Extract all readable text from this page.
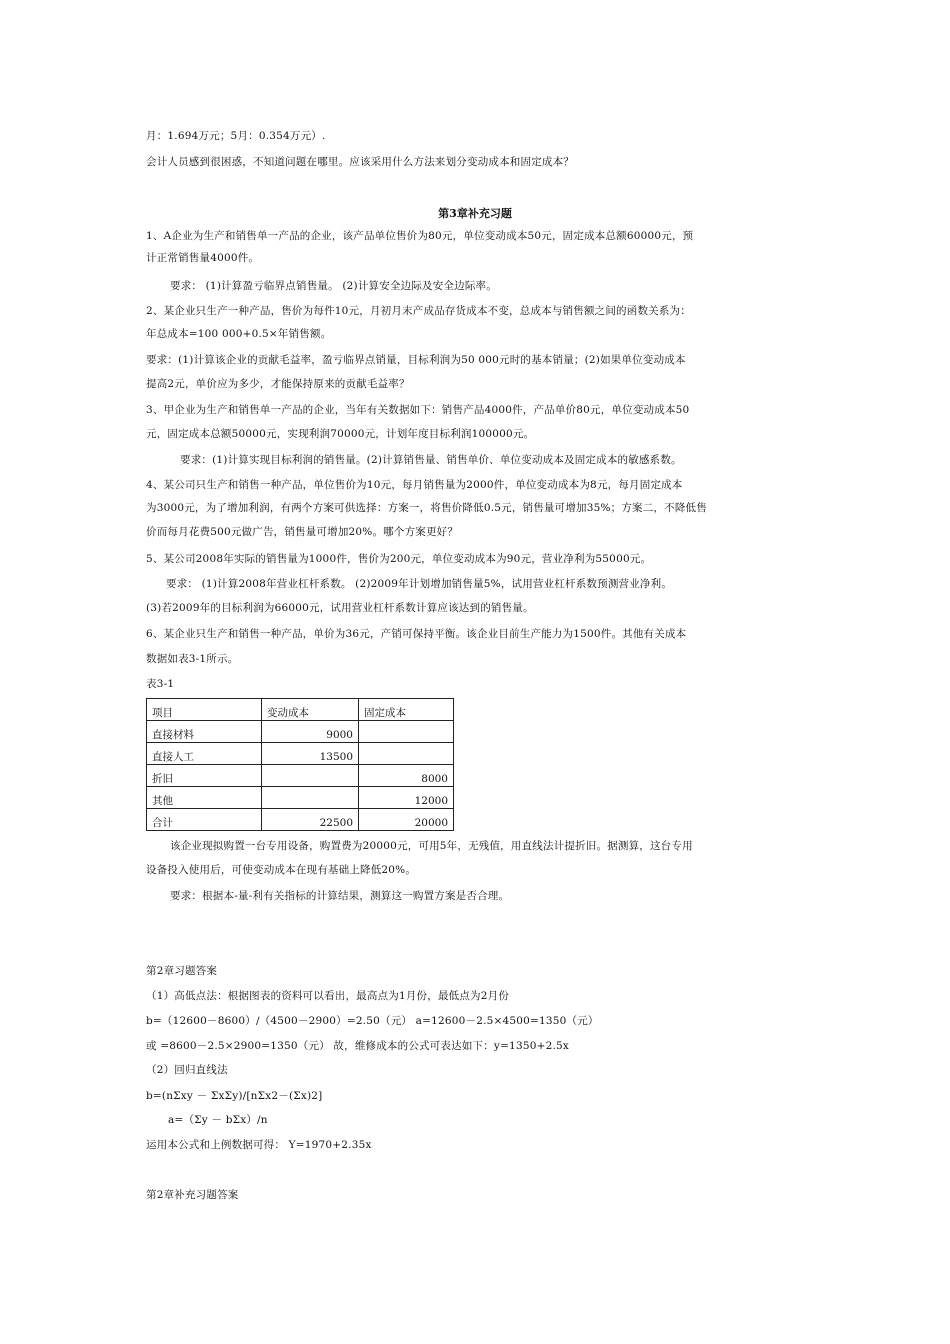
月：1.694万元；5月：0.354万元）.
会计人员感到很困惑，不知道问题在哪里。应该采用什么方法来划分变动成本和固定成本？
第3章补充习题
1、A企业为生产和销售单一产品的企业，该产品单位售价为80元，单位变动成本50元，固定成本总额60000元，预
计正常销售量4000件。
要求： (1)计算盈亏临界点销售量。 (2)计算安全边际及安全边际率。
2、某企业只生产一种产品，售价为每件10元，月初月末产成品存货成本不变，总成本与销售额之间的函数关系为：
年总成本=100 000+0.5×年销售额。
要求：(1)计算该企业的贡献毛益率，盈亏临界点销量，目标利润为50 000元时的基本销量；(2)如果单位变动成本
提高2元，单价应为多少，才能保持原来的贡献毛益率？
3、甲企业为生产和销售单一产品的企业，当年有关数据如下：销售产品4000件，产品单价80元，单位变动成本50
元，固定成本总额50000元，实现利润70000元，计划年度目标利润100000元。
要求：(1)计算实现目标利润的销售量。(2)计算销售量、销售单价、单位变动成本及固定成本的敏感系数。
4、某公司只生产和销售一种产品，单位售价为10元，每月销售量为2000件，单位变动成本为8元，每月固定成本
为3000元，为了增加利润，有两个方案可供选择：方案一，将售价降低0.5元，销售量可增加35%；方案二，不降低售
价而每月花费500元做广告，销售量可增加20%。哪个方案更好？
5、某公司2008年实际的销售量为1000件，售价为200元，单位变动成本为90元，营业净利为55000元。
要求： (1)计算2008年营业杠杆系数。 (2)2009年计划增加销售量5%，试用营业杠杆系数预测营业净利。
(3)若2009年的目标利润为66000元，试用营业杠杆系数计算应该达到的销售量。
6、某企业只生产和销售一种产品，单价为36元，产销可保持平衡。该企业目前生产能力为1500件。其他有关成本
数据如表3-1所示。
表3-1
项目	变动成本	固定成本
直接材料	9000	
直接人工	13500	
折旧		8000
其他		12000
合计	22500	20000
该企业现拟购置一台专用设备，购置费为20000元，可用5年，无残值，用直线法计提折旧。据测算，这台专用
设备投入使用后，可使变动成本在现有基础上降低20%。
要求：根据本-量-利有关指标的计算结果，测算这一购置方案是否合理。
第2章习题答案
（1）高低点法：根据图表的资料可以看出，最高点为1月份，最低点为2月份
b=（12600－8600）/（4500－2900）=2.50（元） a=12600－2.5×4500=1350（元）
或 =8600－2.5×2900=1350（元） 故，维修成本的公式可表达如下：y=1350+2.5x
（2）回归直线法
b=(nΣxy － ΣxΣy)/[nΣx2－(Σx)2]
a=（Σy － bΣx）/n
运用本公式和上例数据可得： Y=1970+2.35x
第2章补充习题答案
